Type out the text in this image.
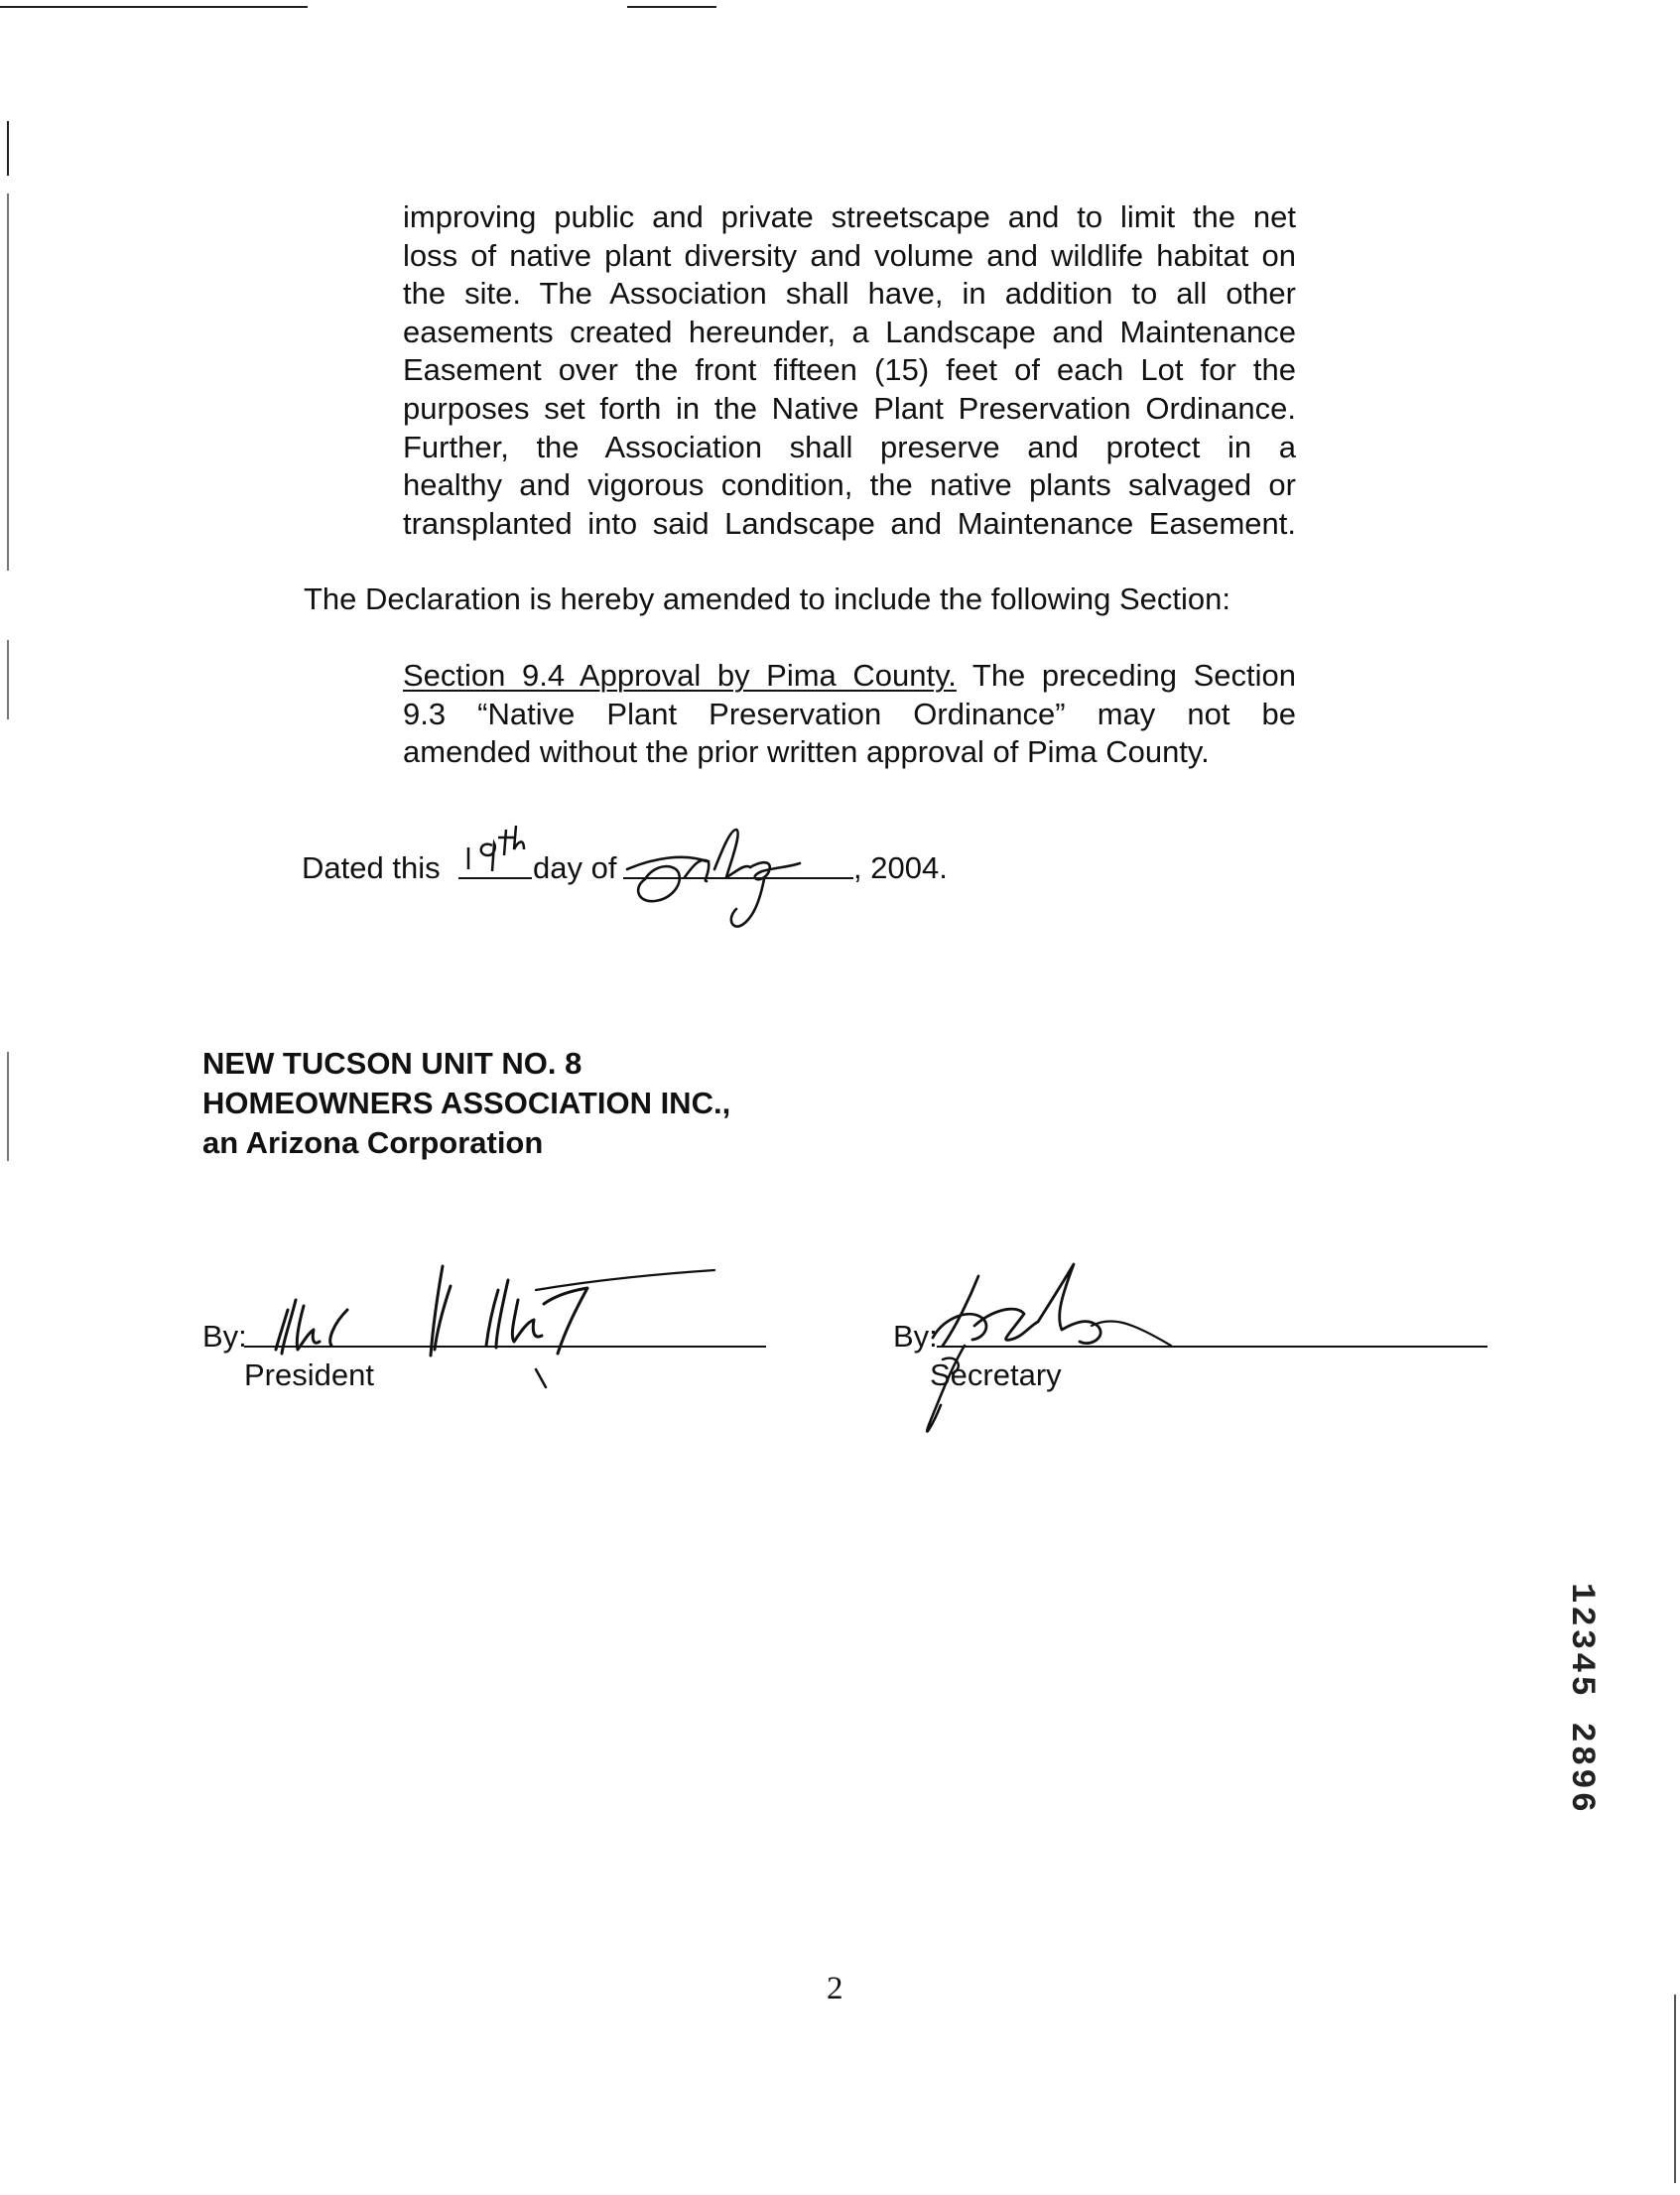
improving public and private streetscape and to limit the net
loss of native plant diversity and volume and wildlife habitat on
the site. The Association shall have, in addition to all other
easements created hereunder, a Landscape and Maintenance
Easement over the front fifteen (15) feet of each Lot for the
purposes set forth in the Native Plant Preservation Ordinance.
Further, the Association shall preserve and protect in a
healthy and vigorous condition, the native plants salvaged or
transplanted into said Landscape and Maintenance Easement.
The Declaration is hereby amended to include the following Section:
Section 9.4 Approval by Pima County. The preceding Section
9.3 “Native Plant Preservation Ordinance” may not be
amended without the prior written approval of Pima County.
Dated this	day of	, 2004.
NEW TUCSON UNIT NO. 8
HOMEOWNERS ASSOCIATION INC.,
an Arizona Corporation
By:
President
By:
Secretary
2
12345 2896
